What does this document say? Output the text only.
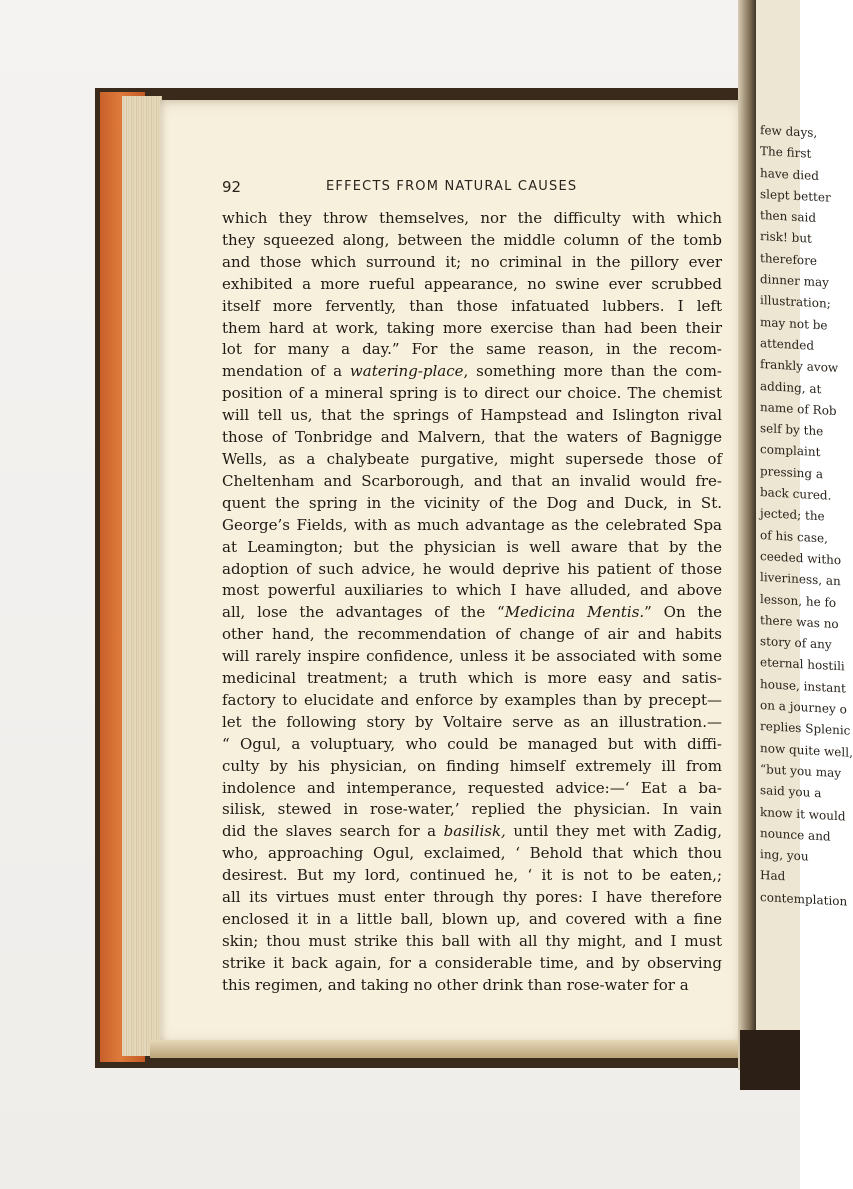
92	EFFECTS FROM NATURAL CAUSES
which they throw themselves, nor the difficulty with which
they squeezed along, between the middle column of the tomb
and those which surround it; no criminal in the pillory ever
exhibited a more rueful appearance, no swine ever scrubbed
itself more fervently, than those infatuated lubbers. I left
them hard at work, taking more exercise than had been their
lot for many a day.” For the same reason, in the recom-
mendation of a watering-place, something more than the com-
position of a mineral spring is to direct our choice. The chemist
will tell us, that the springs of Hampstead and Islington rival
those of Tonbridge and Malvern, that the waters of Bagnigge
Wells, as a chalybeate purgative, might supersede those of
Cheltenham and Scarborough, and that an invalid would fre-
quent the spring in the vicinity of the Dog and Duck, in St.
George’s Fields, with as much advantage as the celebrated Spa
at Leamington; but the physician is well aware that by the
adoption of such advice, he would deprive his patient of those
most powerful auxiliaries to which I have alluded, and above
all, lose the advantages of the “Medicina Mentis.” On the
other hand, the recommendation of change of air and habits
will rarely inspire confidence, unless it be associated with some
medicinal treatment; a truth which is more easy and satis-
factory to elucidate and enforce by examples than by precept—
let the following story by Voltaire serve as an illustration.—
“ Ogul, a voluptuary, who could be managed but with diffi-
culty by his physician, on finding himself extremely ill from
indolence and intemperance, requested advice:—‘ Eat a ba-
silisk, stewed in rose-water,’ replied the physician. In vain
did the slaves search for a basilisk, until they met with Zadig,
who, approaching Ogul, exclaimed, ‘ Behold that which thou
desirest. But my lord, continued he, ‘ it is not to be eaten,;
all its virtues must enter through thy pores: I have therefore
enclosed it in a little ball, blown up, and covered with a fine
skin; thou must strike this ball with all thy might, and I must
strike it back again, for a considerable time, and by observing
this regimen, and taking no other drink than rose-water for a
few days,
The first
have died
slept better
then said
risk! but
therefore
dinner may
illustration;
may not be
attended
frankly avow
adding, at
name of Rob
self by the
complaint
pressing a
back cured.
jected; the
of his case,
ceeded witho
liveriness, an
lesson, he fo
there was no
story of any
eternal hostili
house, instant
on a journey o
replies Splenic
now quite well,
“but you may
said you a
know it would
nounce and
ing, you
Had
contemplation
